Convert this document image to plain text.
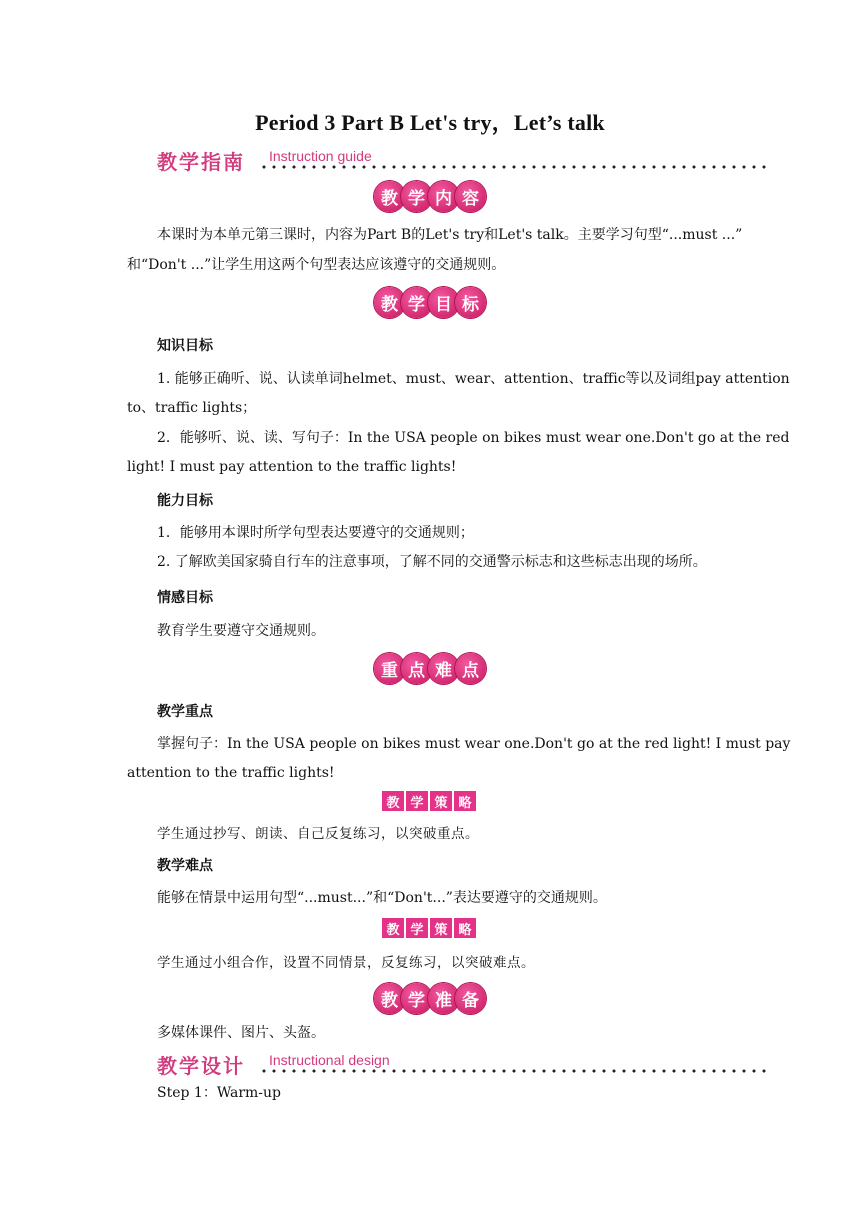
Period 3 Part B Let's try，Let’s talk
教学指南 Instruction guide
教 学 内 容
本课时为本单元第三课时，内容为Part B的Let's try和Let's talk。主要学习句型“...must ...”
和“Don't ...”让学生用这两个句型表达应该遵守的交通规则。
教 学 目 标
知识目标
1. 能够正确听、说、认读单词helmet、must、wear、attention、traffic等以及词组pay attention
to、traffic lights；
2．能够听、说、读、写句子：In the USA people on bikes must wear one.Don't go at the red
light! I must pay attention to the traffic lights!
能力目标
1．能够用本课时所学句型表达要遵守的交通规则；
2. 了解欧美国家骑自行车的注意事项，了解不同的交通警示标志和这些标志出现的场所。
情感目标
教育学生要遵守交通规则。
重 点 难 点
教学重点
掌握句子：In the USA people on bikes must wear one.Don't go at the red light! I must pay
attention to the traffic lights!
教 学 策 略
学生通过抄写、朗读、自己反复练习，以突破重点。
教学难点
能够在情景中运用句型“...must...”和“Don't...”表达要遵守的交通规则。
教 学 策 略
学生通过小组合作，设置不同情景，反复练习，以突破难点。
教 学 准 备
多媒体课件、图片、头盔。
教学设计 Instructional design
Step 1：Warm-up
